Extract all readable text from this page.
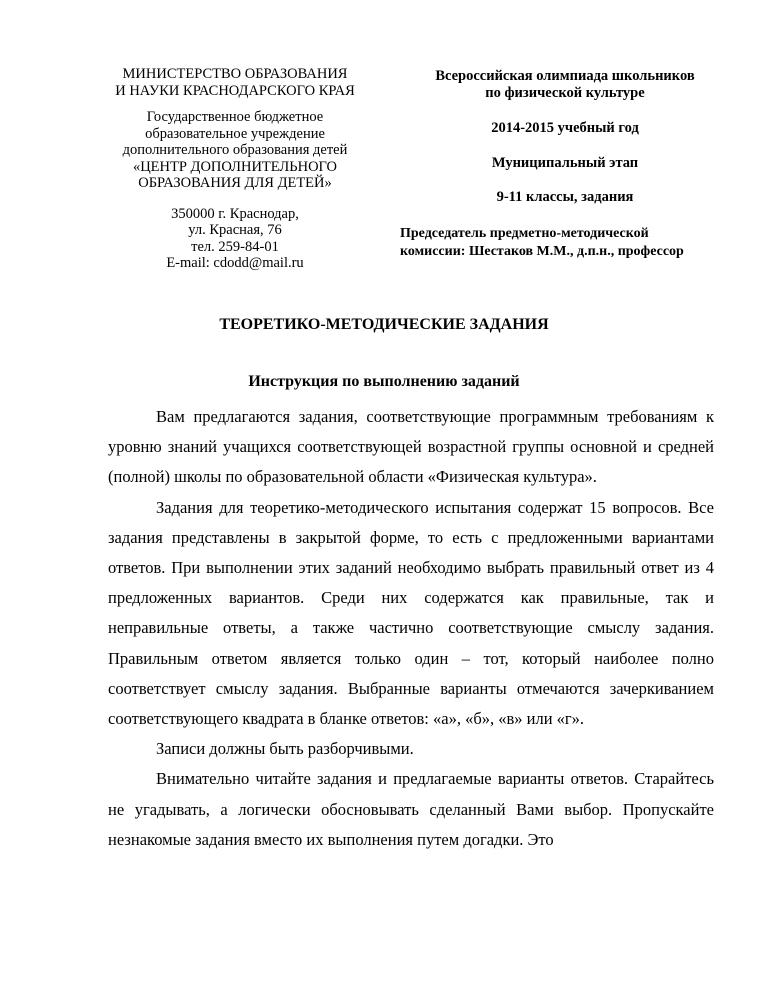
МИНИСТЕРСТВО ОБРАЗОВАНИЯ
И НАУКИ КРАСНОДАРСКОГО КРАЯ
Государственное бюджетное
образовательное учреждение
дополнительного образования детей
«ЦЕНТР ДОПОЛНИТЕЛЬНОГО
ОБРАЗОВАНИЯ ДЛЯ ДЕТЕЙ»
350000 г. Краснодар,
ул. Красная, 76
тел. 259-84-01
E-mail: cdodd@mail.ru
Всероссийская олимпиада школьников
по физической культуре
2014-2015 учебный год
Муниципальный этап
9-11 классы, задания
Председатель предметно-методической
комиссии: Шестаков М.М., д.п.н., профессор
ТЕОРЕТИКО-МЕТОДИЧЕСКИЕ ЗАДАНИЯ
Инструкция по выполнению заданий

Вам предлагаются задания, соответствующие программным требованиям к уровню знаний учащихся соответствующей возрастной группы основной и средней (полной) школы по образовательной области «Физическая культура».

Задания для теоретико-методического испытания содержат 15 вопросов. Все задания представлены в закрытой форме, то есть с предложенными вариантами ответов. При выполнении этих заданий необходимо выбрать правильный ответ из 4 предложенных вариантов. Среди них содержатся как правильные, так и неправильные ответы, а также частично соответствующие смыслу задания. Правильным ответом является только один – тот, который наиболее полно соответствует смыслу задания. Выбранные варианты отмечаются зачеркиванием соответствующего квадрата в бланке ответов: «а», «б», «в» или «г».

Записи должны быть разборчивыми.

Внимательно читайте задания и предлагаемые варианты ответов. Старайтесь не угадывать, а логически обосновывать сделанный Вами выбор. Пропускайте незнакомые задания вместо их выполнения путем догадки. Это
